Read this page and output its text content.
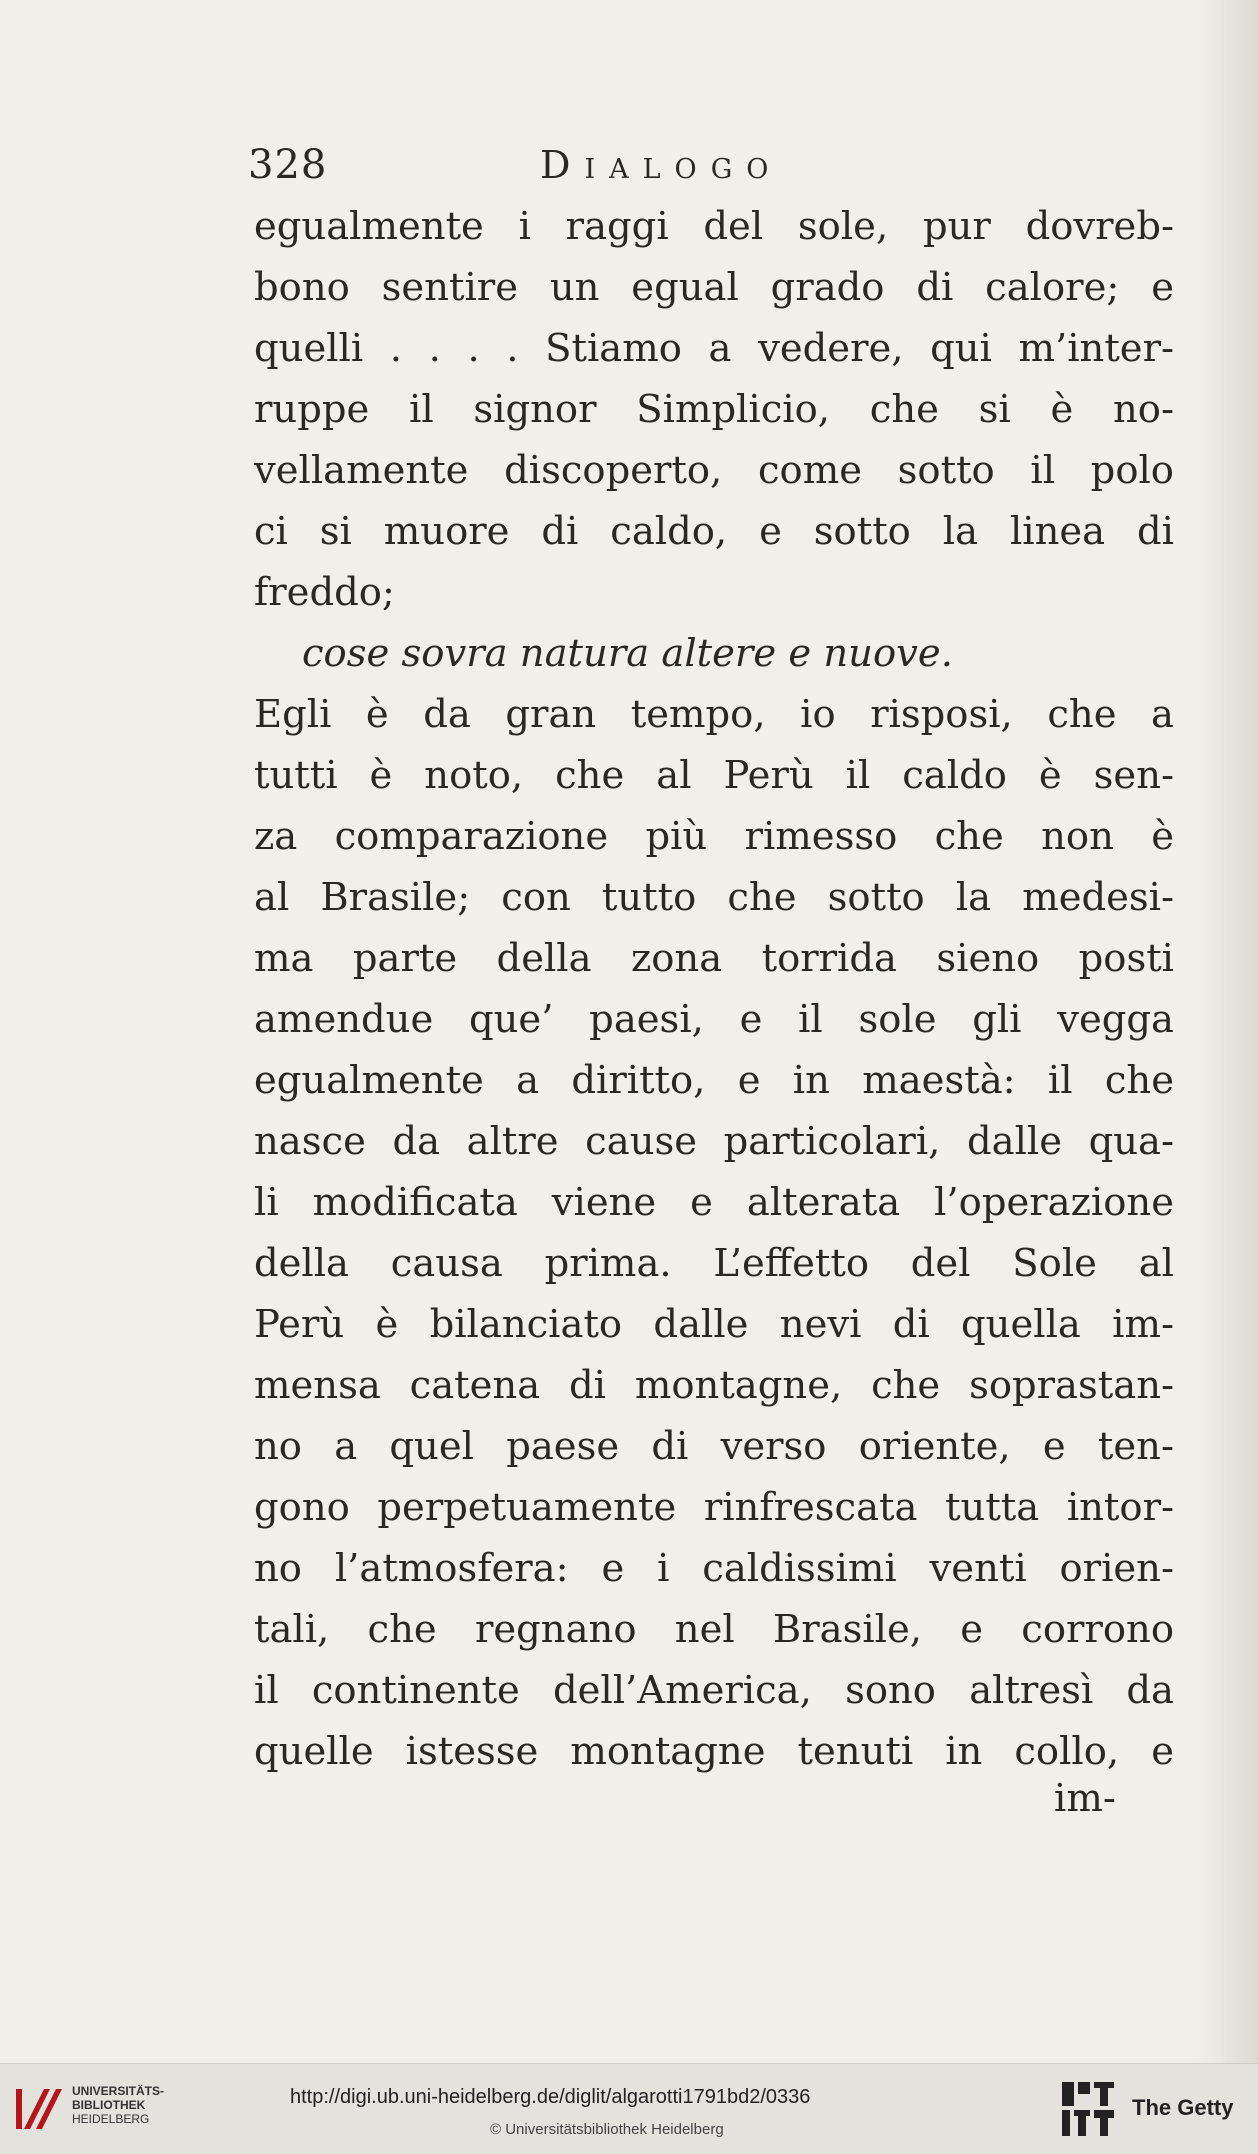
328	Dialogo
egualmente i raggi del sole, pur dovreb-
bono sentire un egual grado di calore; e
quelli . . . . Stiamo a vedere, qui m’inter-
ruppe il signor Simplicio, che si è no-
vellamente discoperto, come sotto il polo
ci si muore di caldo, e sotto la linea di
freddo;
cose sovra natura altere e nuove.
Egli è da gran tempo, io risposi, che a
tutti è noto, che al Perù il caldo è sen-
za comparazione più rimesso che non è
al Brasile; con tutto che sotto la medesi-
ma parte della zona torrida sieno posti
amendue que’ paesi, e il sole gli vegga
egualmente a diritto, e in maestà: il che
nasce da altre cause particolari, dalle qua-
li modificata viene e alterata l’operazione
della causa prima. L’effetto del Sole al
Perù è bilanciato dalle nevi di quella im-
mensa catena di montagne, che soprastan-
no a quel paese di verso oriente, e ten-
gono perpetuamente rinfrescata tutta intor-
no l’atmosfera: e i caldissimi venti orien-
tali, che regnano nel Brasile, e corrono
il continente dell’America, sono altresì da
quelle istesse montagne tenuti in collo, e
im-
UNIVERSITÄTS-
BIBLIOTHEK
HEIDELBERG
http://digi.ub.uni-heidelberg.de/diglit/algarotti1791bd2/0336
© Universitätsbibliothek Heidelberg
The Getty
